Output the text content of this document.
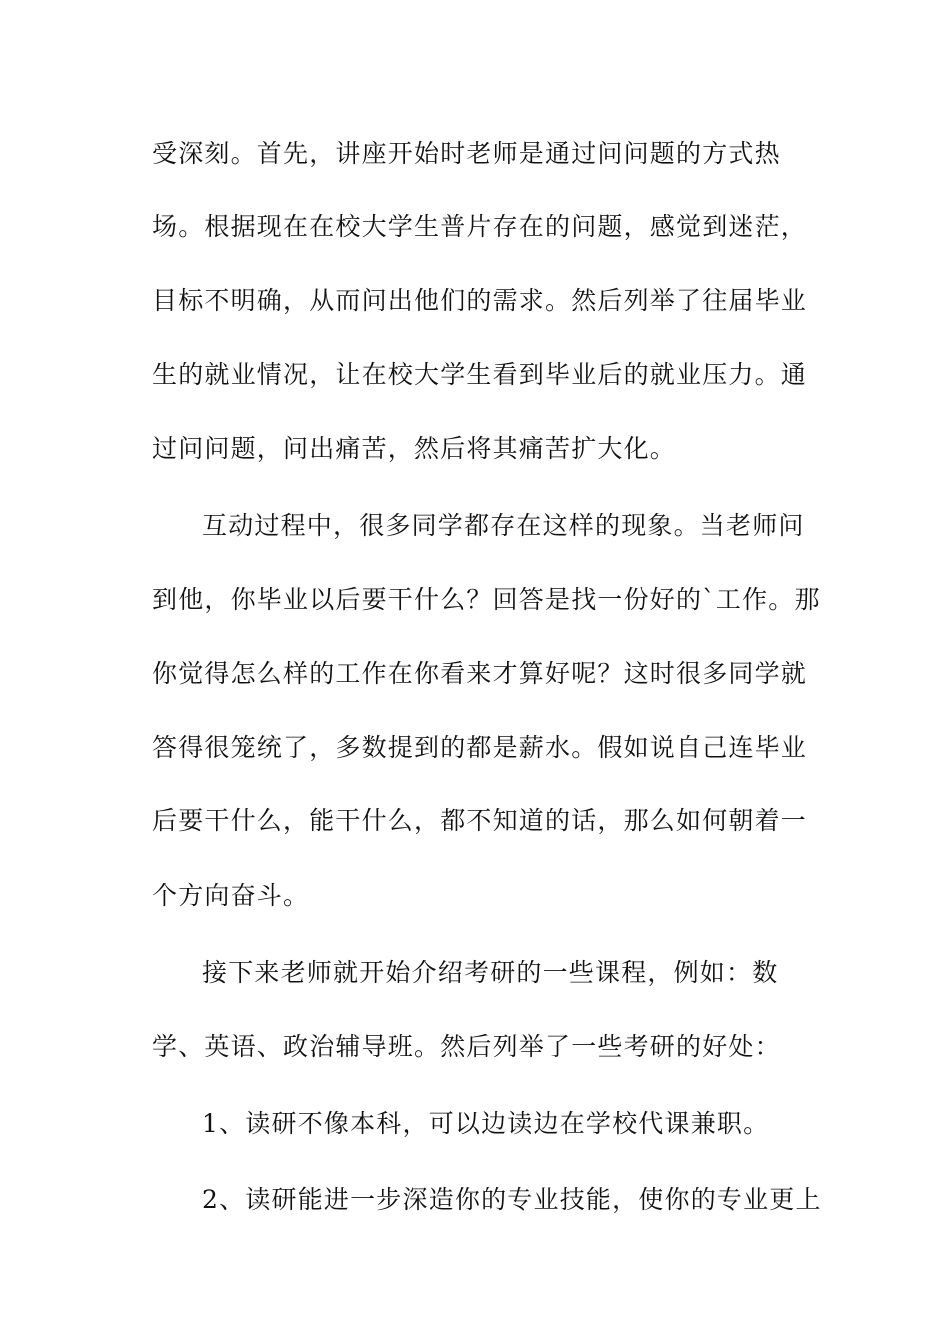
受深刻。首先，讲座开始时老师是通过问问题的方式热
场。根据现在在校大学生普片存在的问题，感觉到迷茫，
目标不明确，从而问出他们的需求。然后列举了往届毕业
生的就业情况，让在校大学生看到毕业后的就业压力。通
过问问题，问出痛苦，然后将其痛苦扩大化。
互动过程中，很多同学都存在这样的现象。当老师问
到他，你毕业以后要干什么？回答是找一份好的`工作。那
你觉得怎么样的工作在你看来才算好呢？这时很多同学就
答得很笼统了，多数提到的都是薪水。假如说自己连毕业
后要干什么，能干什么，都不知道的话，那么如何朝着一
个方向奋斗。
接下来老师就开始介绍考研的一些课程，例如：数
学、英语、政治辅导班。然后列举了一些考研的好处：
1、读研不像本科，可以边读边在学校代课兼职。
2、读研能进一步深造你的专业技能，使你的专业更上
